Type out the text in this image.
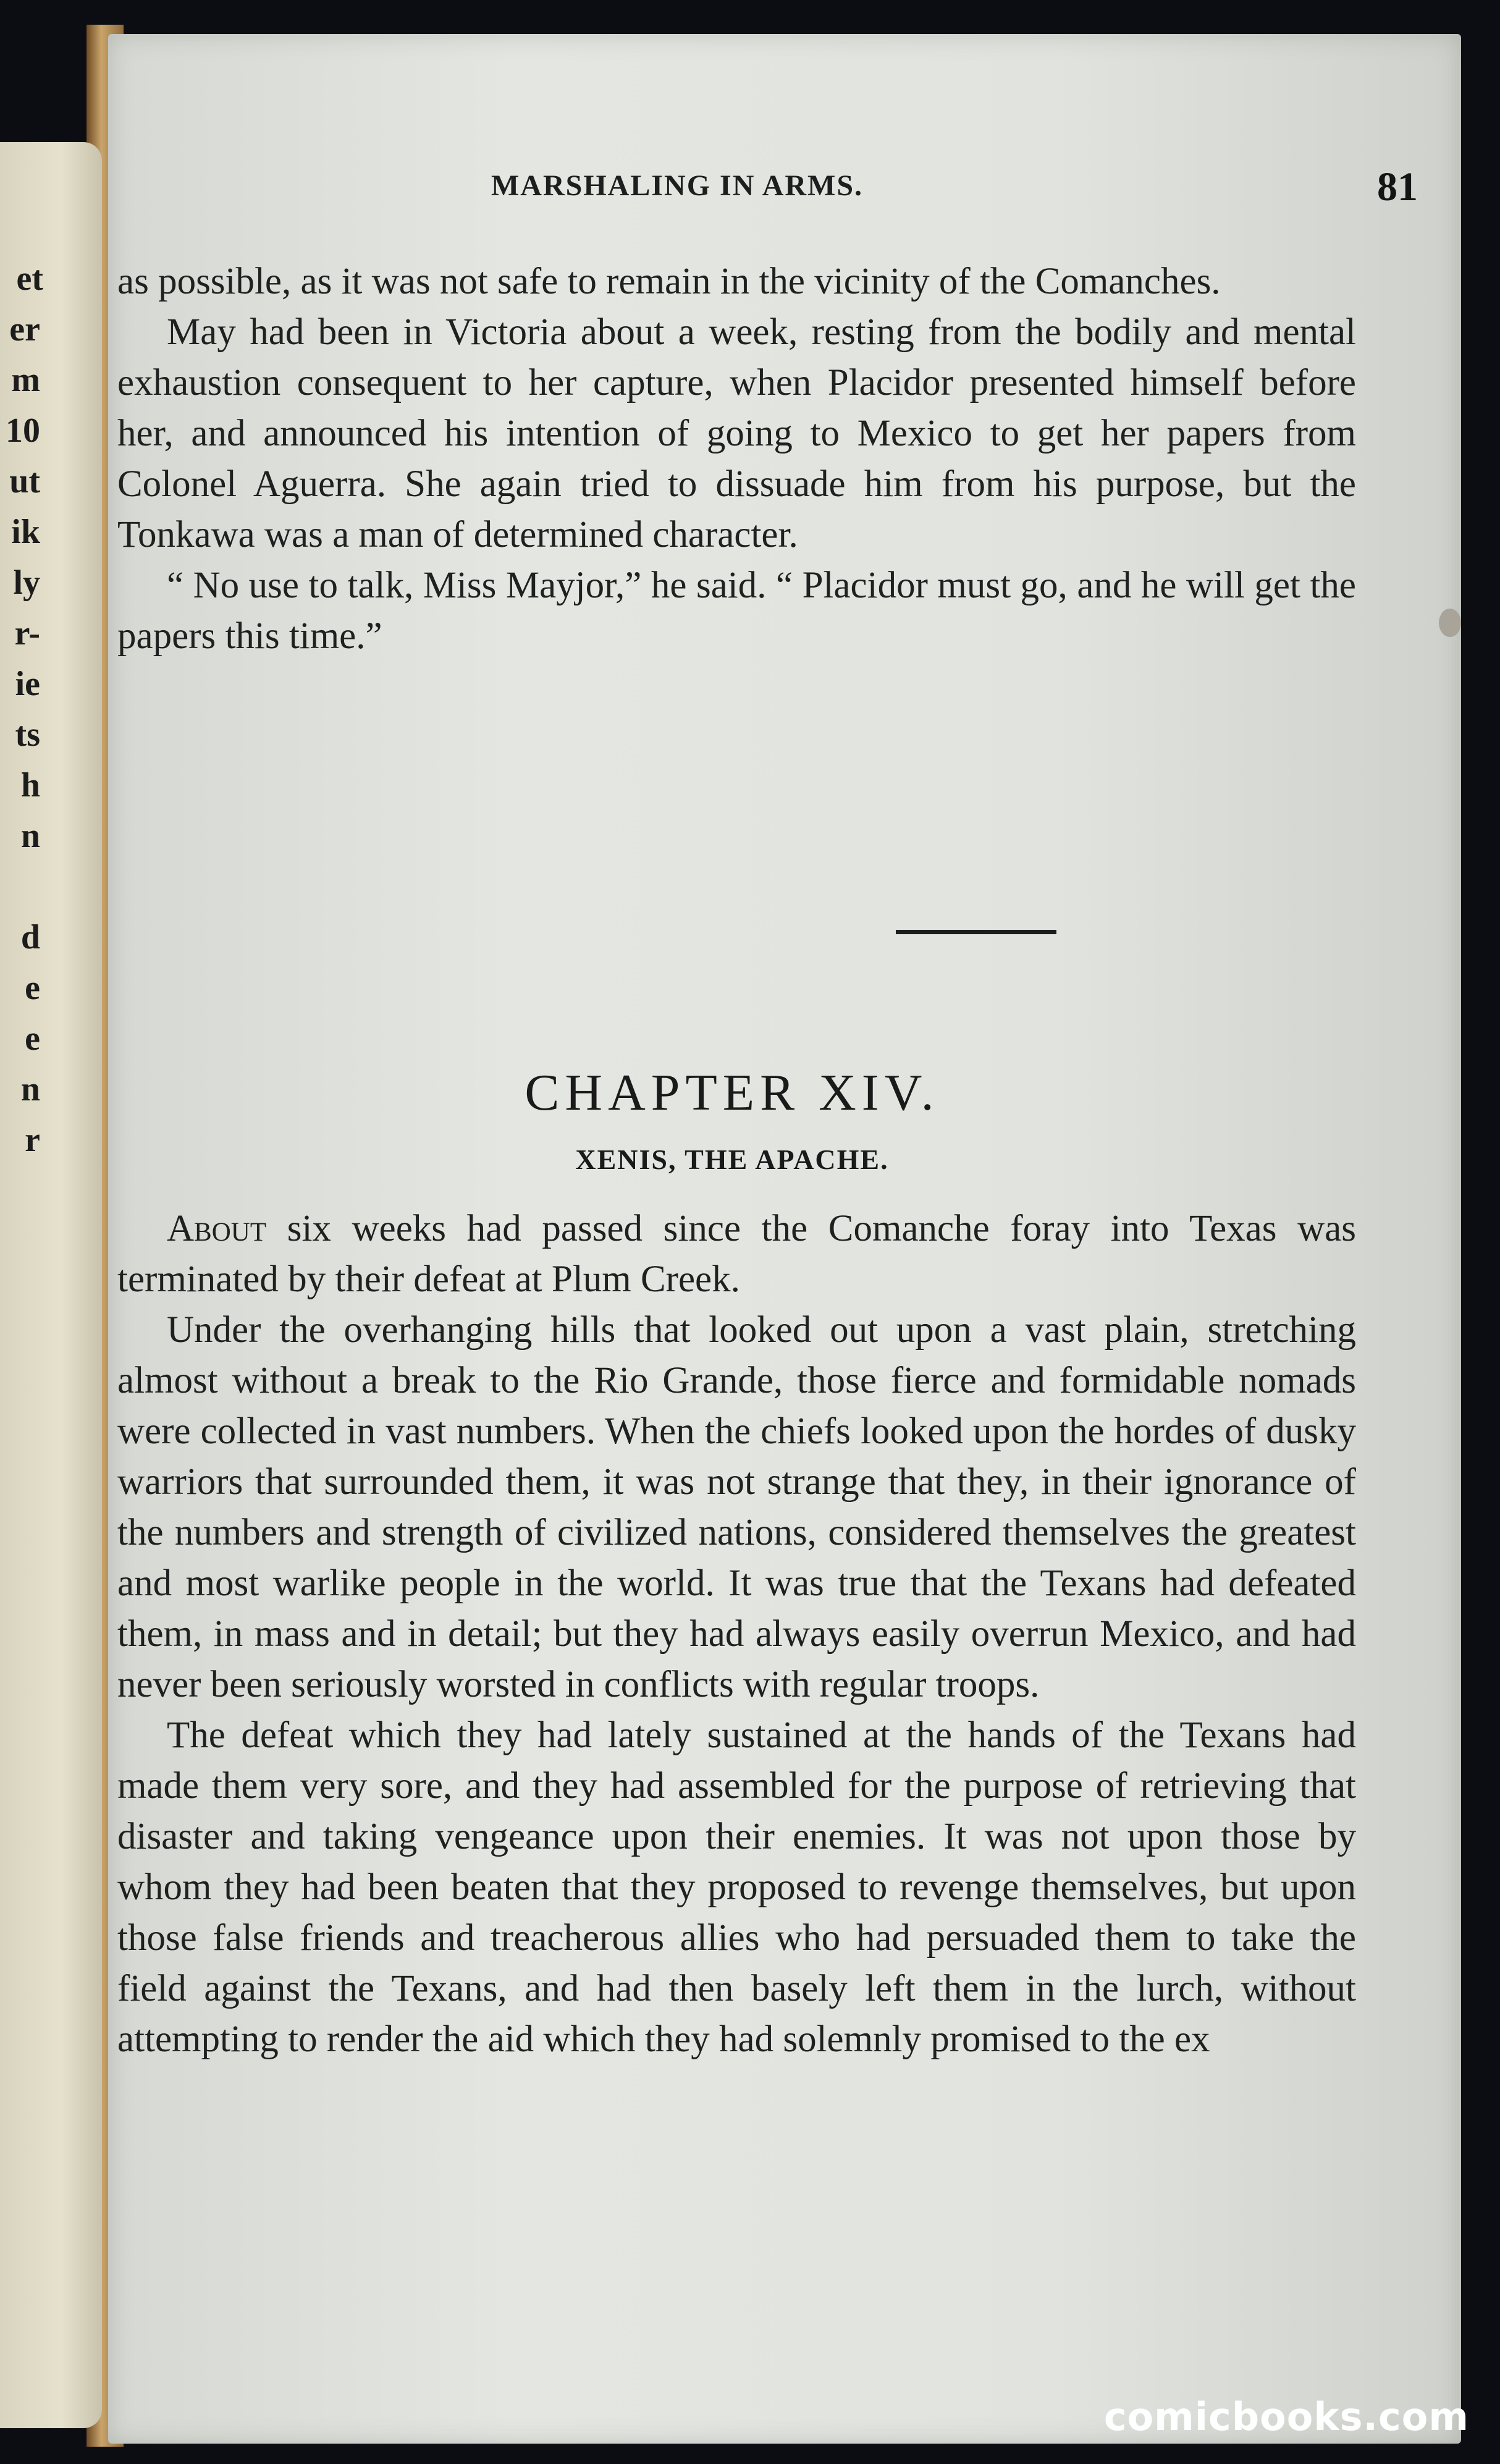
et
er
m
10
ut
ik
ly
r-
ie
ts
h
n
d
e
e
n
r
MARSHALING IN ARMS.	81

as possible, as it was not safe to remain in the vicinity of the Comanches.

May had been in Victoria about a week, resting from the bodily and mental exhaustion consequent to her capture, when Placidor presented himself before her, and announced his intention of going to Mexico to get her papers from Colonel Aguerra. She again tried to dissuade him from his purpose, but the Tonkawa was a man of determined character.

“ No use to talk, Miss Mayjor,” he said. “ Placidor must go, and he will get the papers this time.”

CHAPTER XIV.
XENIS, THE APACHE.

About six weeks had passed since the Comanche foray into Texas was terminated by their defeat at Plum Creek.

Under the overhanging hills that looked out upon a vast plain, stretching almost without a break to the Rio Grande, those fierce and formidable nomads were collected in vast numbers. When the chiefs looked upon the hordes of dusky warriors that surrounded them, it was not strange that they, in their ignorance of the numbers and strength of civilized nations, considered themselves the greatest and most warlike people in the world. It was true that the Texans had defeated them, in mass and in detail; but they had always easily overrun Mexico, and had never been seriously worsted in conflicts with regular troops.

The defeat which they had lately sustained at the hands of the Texans had made them very sore, and they had assembled for the purpose of retrieving that disaster and taking vengeance upon their enemies. It was not upon those by whom they had been beaten that they proposed to revenge themselves, but upon those false friends and treacherous allies who had persuaded them to take the field against the Texans, and had then basely left them in the lurch, without attempting to render the aid which they had solemnly promised to the ex

comicbooks.com
